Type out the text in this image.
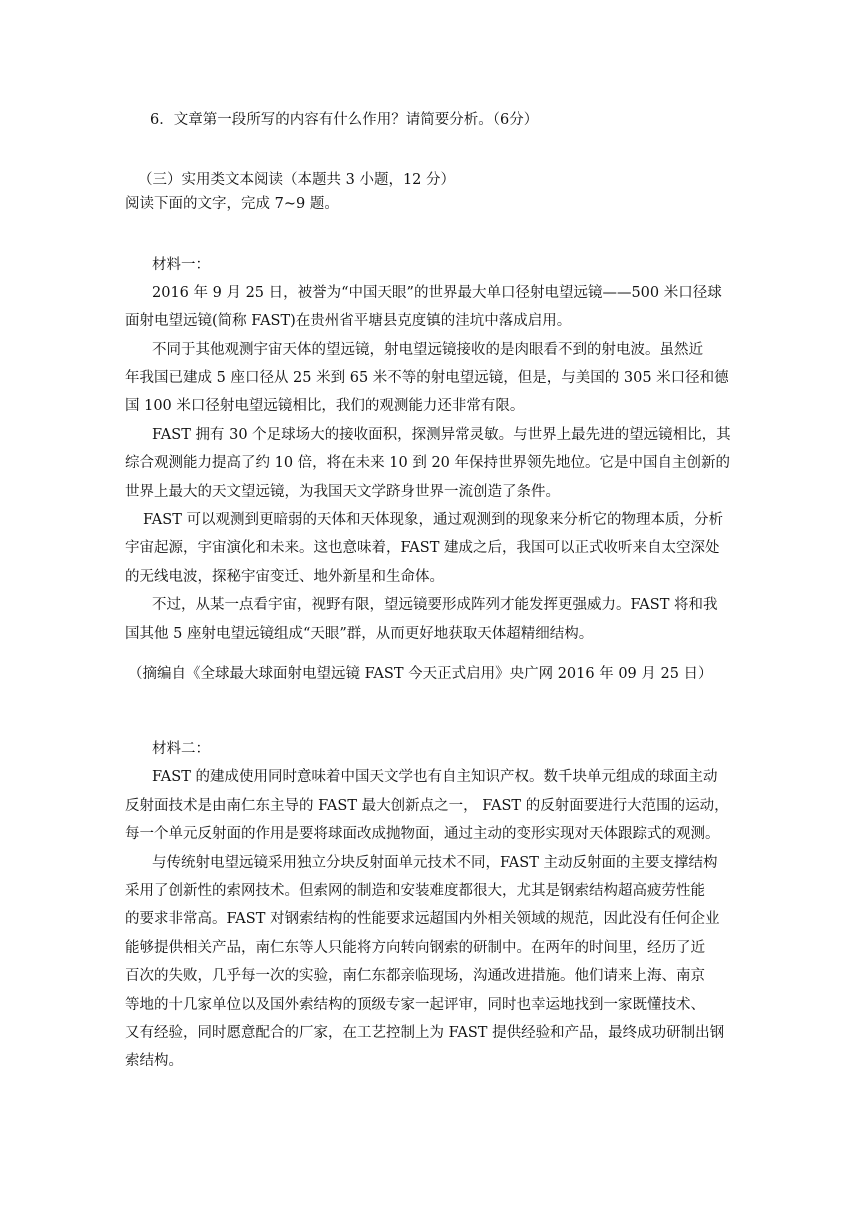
6．文章第一段所写的内容有什么作用？请简要分析。（6分）
（三）实用类文本阅读（本题共 3 小题，12 分）
阅读下面的文字，完成 7~9 题。
材料一：
2016 年 9 月 25 日，被誉为“中国天眼”的世界最大单口径射电望远镜——500 米口径球
面射电望远镜(简称 FAST)在贵州省平塘县克度镇的洼坑中落成启用。
不同于其他观测宇宙天体的望远镜，射电望远镜接收的是肉眼看不到的射电波。虽然近
年我国已建成 5 座口径从 25 米到 65 米不等的射电望远镜，但是，与美国的 305 米口径和德
国 100 米口径射电望远镜相比，我们的观测能力还非常有限。
FAST 拥有 30 个足球场大的接收面积，探测异常灵敏。与世界上最先进的望远镜相比，其
综合观测能力提高了约 10 倍，将在未来 10 到 20 年保持世界领先地位。它是中国自主创新的
世界上最大的天文望远镜，为我国天文学跻身世界一流创造了条件。
FAST 可以观测到更暗弱的天体和天体现象，通过观测到的现象来分析它的物理本质，分析
宇宙起源，宇宙演化和未来。这也意味着，FAST 建成之后，我国可以正式收听来自太空深处
的无线电波，探秘宇宙变迁、地外新星和生命体。
不过，从某一点看宇宙，视野有限，望远镜要形成阵列才能发挥更强威力。FAST 将和我
国其他 5 座射电望远镜组成“天眼”群，从而更好地获取天体超精细结构。
（摘编自《全球最大球面射电望远镜 FAST 今天正式启用》央广网 2016 年 09 月 25 日）
材料二：
FAST 的建成使用同时意味着中国天文学也有自主知识产权。数千块单元组成的球面主动
反射面技术是由南仁东主导的 FAST 最大创新点之一， FAST 的反射面要进行大范围的运动，
每一个单元反射面的作用是要将球面改成抛物面，通过主动的变形实现对天体跟踪式的观测。
与传统射电望远镜采用独立分块反射面单元技术不同，FAST 主动反射面的主要支撑结构
采用了创新性的索网技术。但索网的制造和安装难度都很大，尤其是钢索结构超高疲劳性能
的要求非常高。FAST 对钢索结构的性能要求远超国内外相关领域的规范，因此没有任何企业
能够提供相关产品，南仁东等人只能将方向转向钢索的研制中。在两年的时间里，经历了近
百次的失败，几乎每一次的实验，南仁东都亲临现场，沟通改进措施。他们请来上海、南京
等地的十几家单位以及国外索结构的顶级专家一起评审，同时也幸运地找到一家既懂技术、
又有经验，同时愿意配合的厂家，在工艺控制上为 FAST 提供经验和产品，最终成功研制出钢
索结构。
